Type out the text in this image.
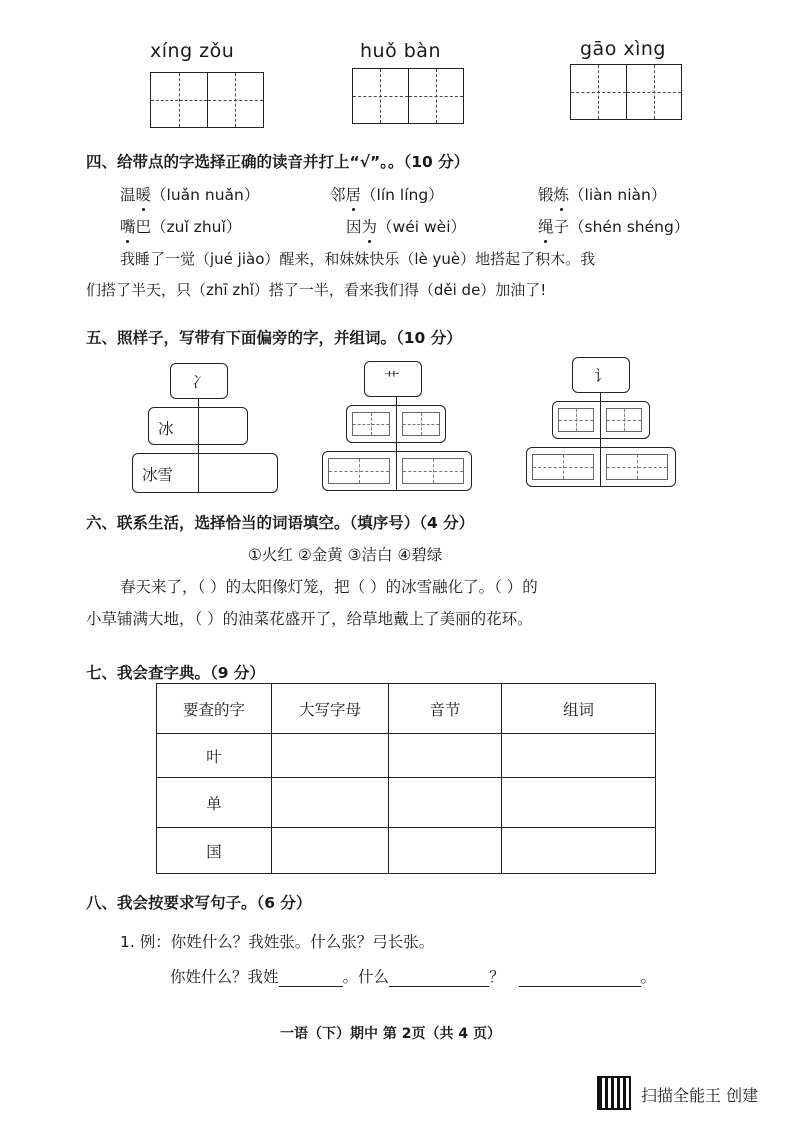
xíng zǒu	huǒ bàn	gāo xìng
四、给带点的字选择正确的读音并打上“√”。。（10 分）
温暖（luǎn nuǎn）	邻居（lín líng）	锻炼（liàn niàn）
嘴巴（zuǐ zhuǐ）	因为（wéi wèi）	绳子（shén shéng）
我睡了一觉（jué jiào）醒来，和妹妹快乐（lè yuè）地搭起了积木。我
们搭了半天，只（zhī zhǐ）搭了一半，看来我们得（děi de）加油了!
五、照样子，写带有下面偏旁的字，并组词。（10 分）
冫
冰
冰雪
艹	讠
六、联系生活，选择恰当的词语填空。（填序号）（4 分）
①火红 ②金黄 ③洁白 ④碧绿
春天来了，（ ）的太阳像灯笼，把（ ）的冰雪融化了。（ ）的
小草铺满大地，（ ）的油菜花盛开了，给草地戴上了美丽的花环。
七、我会查字典。（9 分）
要查的字	大写字母	音节	组词
叶			
单			
国			
八、我会按要求写句子。（6 分）
1. 例：你姓什么？我姓张。什么张？弓长张。
你姓什么？我姓	。什么	？	。
一语（下）期中 第 2页（共 4 页）
扫描全能王 创建
